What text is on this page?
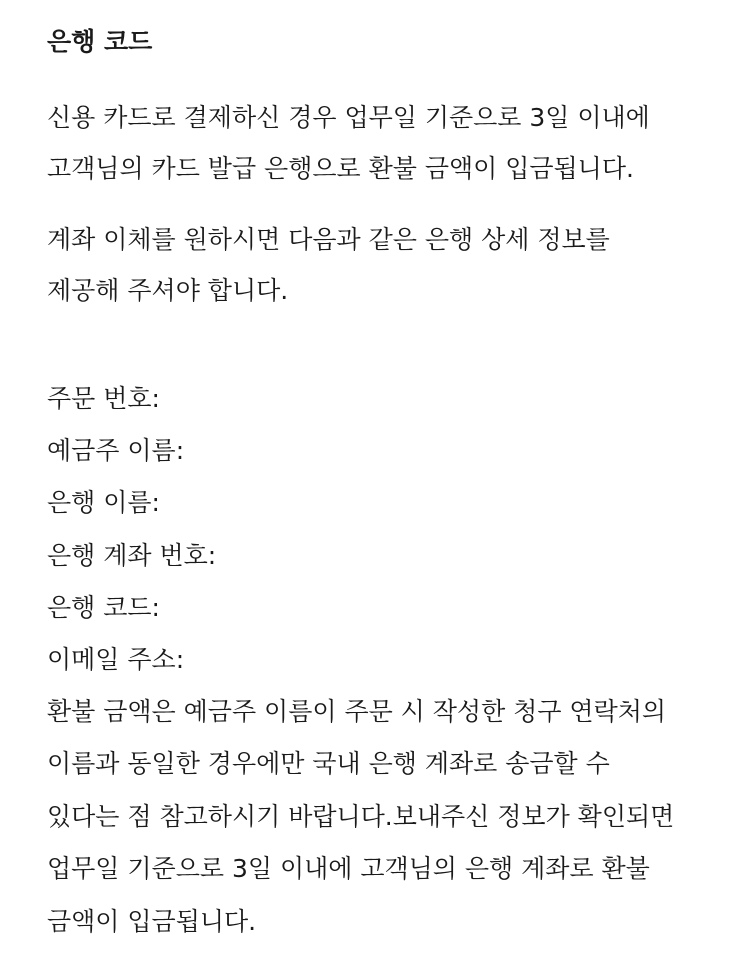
은행 코드

신용 카드로 결제하신 경우 업무일 기준으로 3일 이내에
고객님의 카드 발급 은행으로 환불 금액이 입금됩니다.

계좌 이체를 원하시면 다음과 같은 은행 상세 정보를
제공해 주셔야 합니다.

주문 번호:
예금주 이름:
은행 이름:
은행 계좌 번호:
은행 코드:
이메일 주소:

환불 금액은 예금주 이름이 주문 시 작성한 청구 연락처의
이름과 동일한 경우에만 국내 은행 계좌로 송금할 수
있다는 점 참고하시기 바랍니다.보내주신 정보가 확인되면
업무일 기준으로 3일 이내에 고객님의 은행 계좌로 환불
금액이 입금됩니다.
